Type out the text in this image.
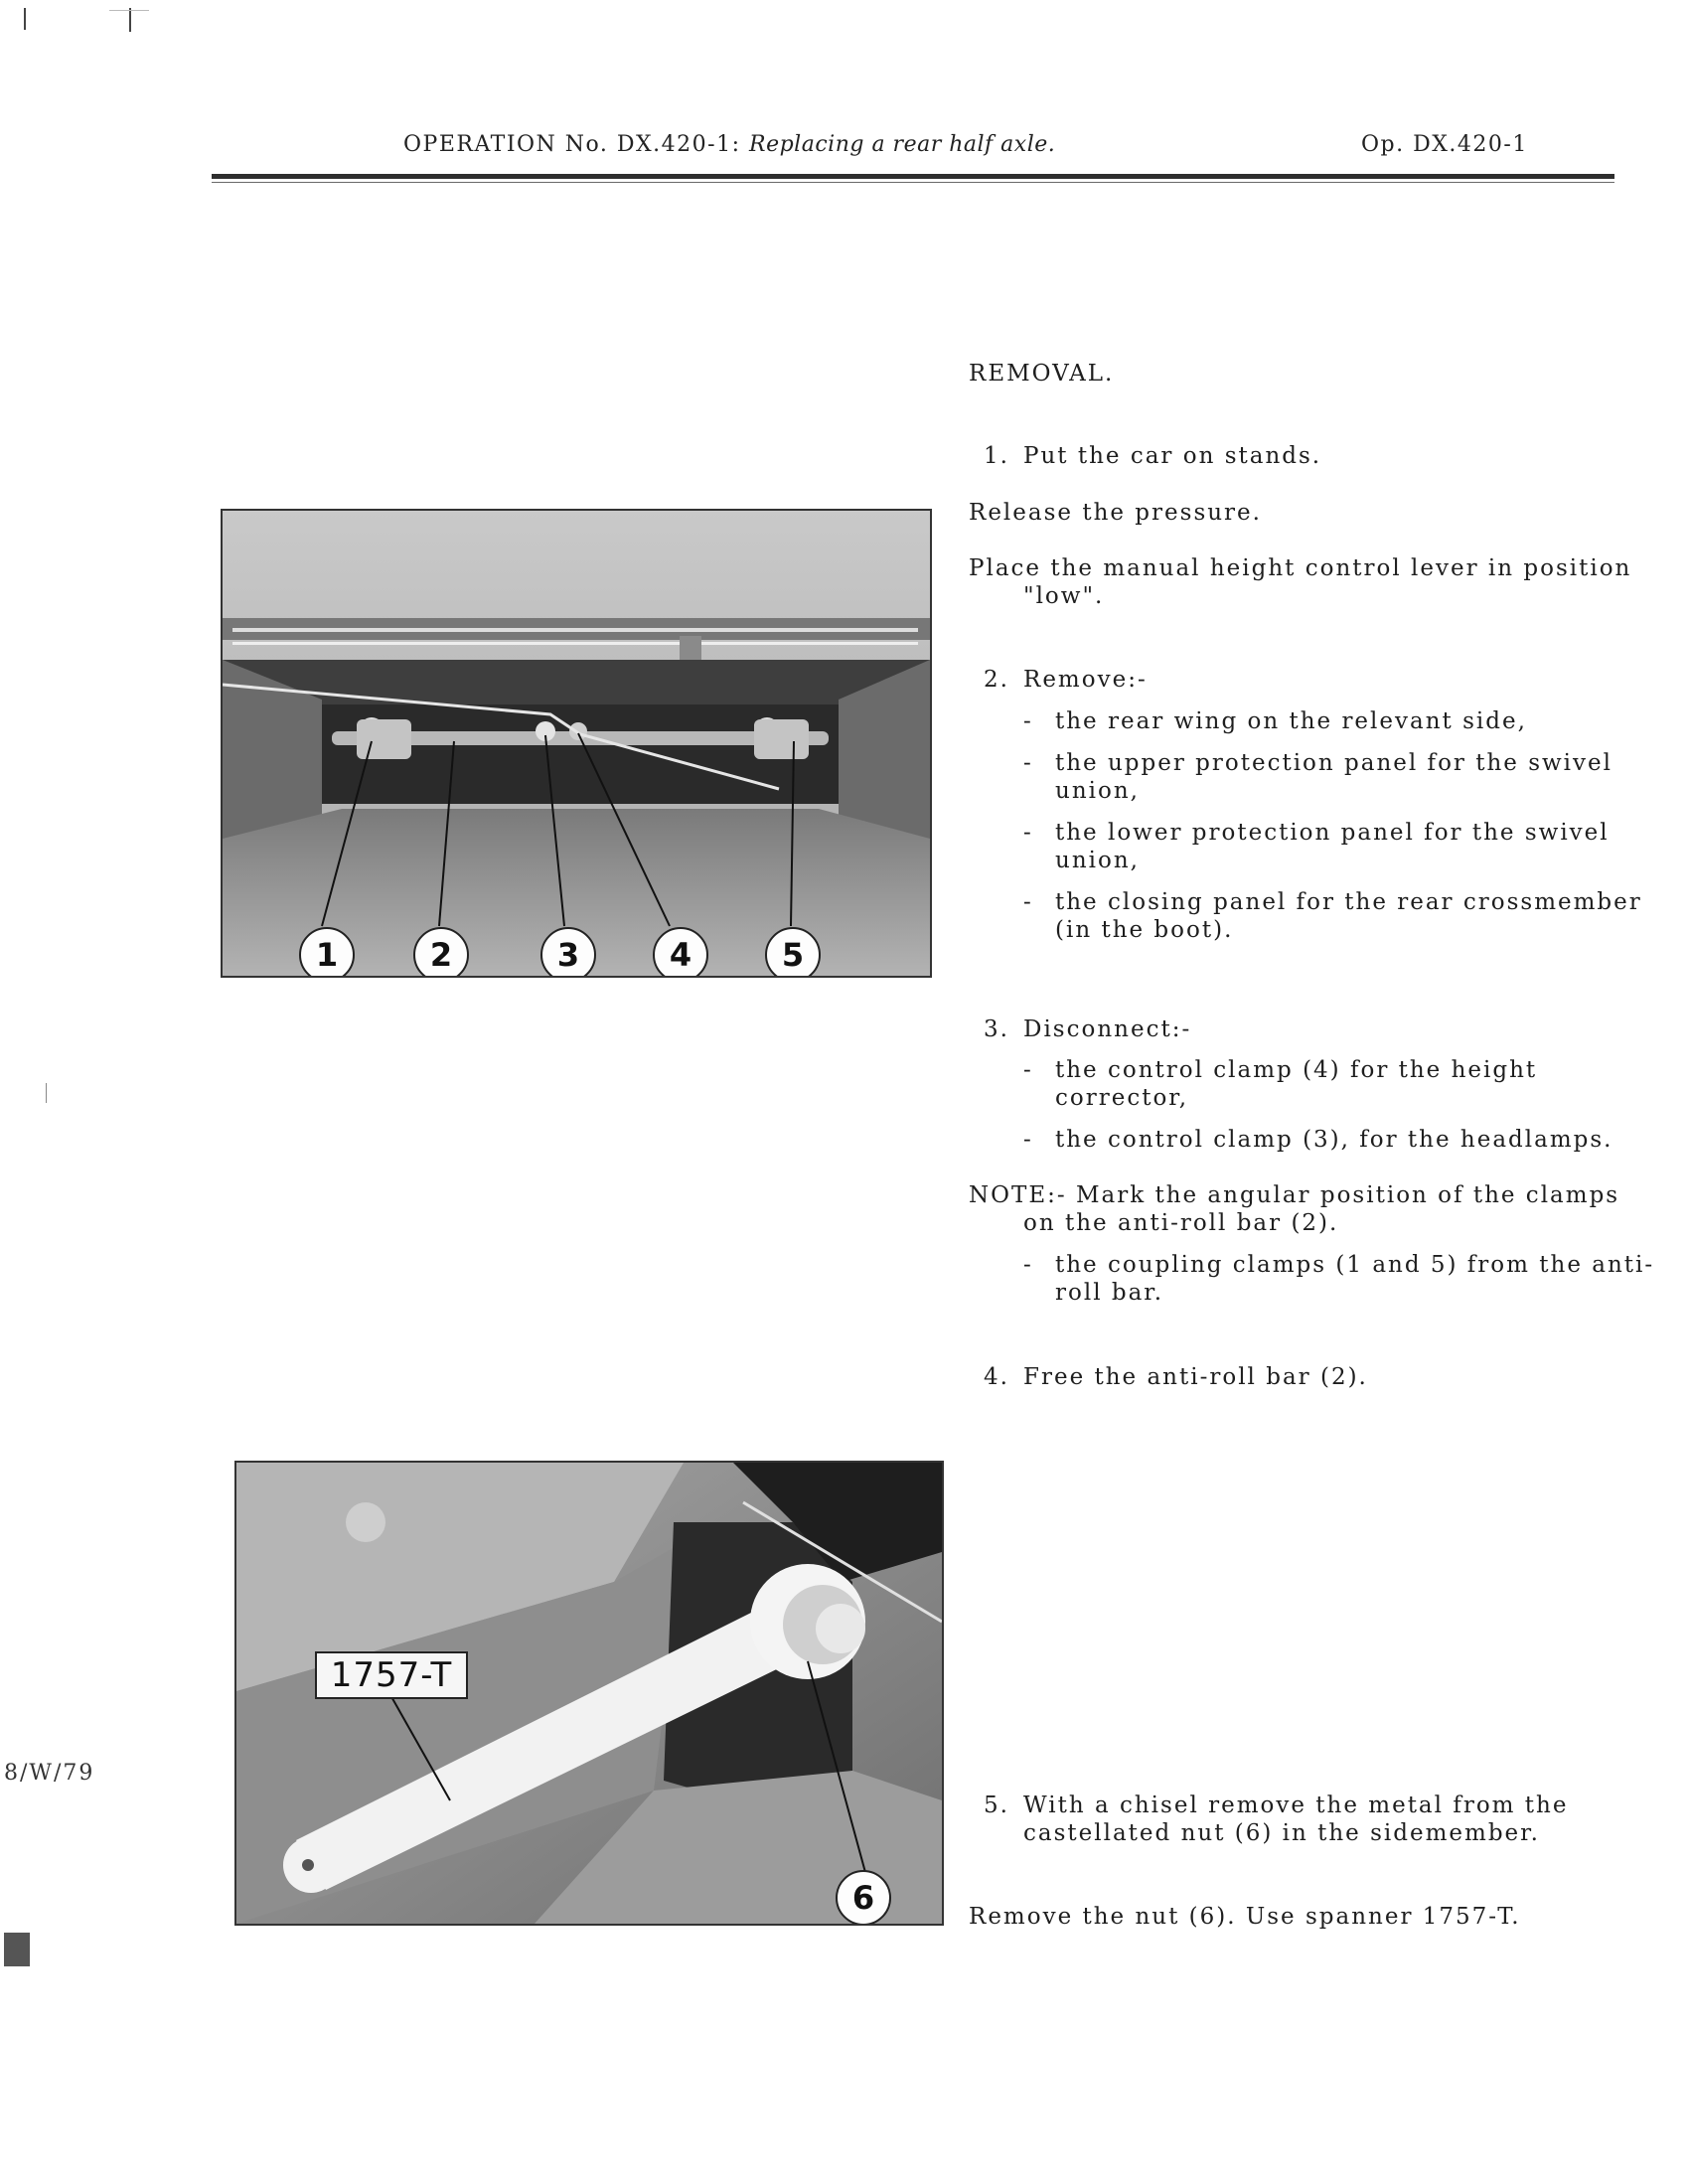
OPERATION No. DX.420-1: Replacing a rear half axle.	Op. DX.420-1
8/W/79
REMOVAL.
1. Put the car on stands.
Release the pressure.
Place the manual height control lever in position
"low".
2. Remove:-
- the rear wing on the relevant side,
- the upper protection panel for the swivel
union,
- the lower protection panel for the swivel
union,
- the closing panel for the rear crossmember
(in the boot).
3. Disconnect:-
- the control clamp (4) for the height
corrector,
- the control clamp (3), for the headlamps.
NOTE:- Mark the angular position of the clamps
on the anti-roll bar (2).
- the coupling clamps (1 and 5) from the anti-
roll bar.
4. Free the anti-roll bar (2).
5. With a chisel remove the metal from the
castellated nut (6) in the sidemember.
Remove the nut (6). Use spanner 1757-T.
1	2	3	4	5
1757-T
6
